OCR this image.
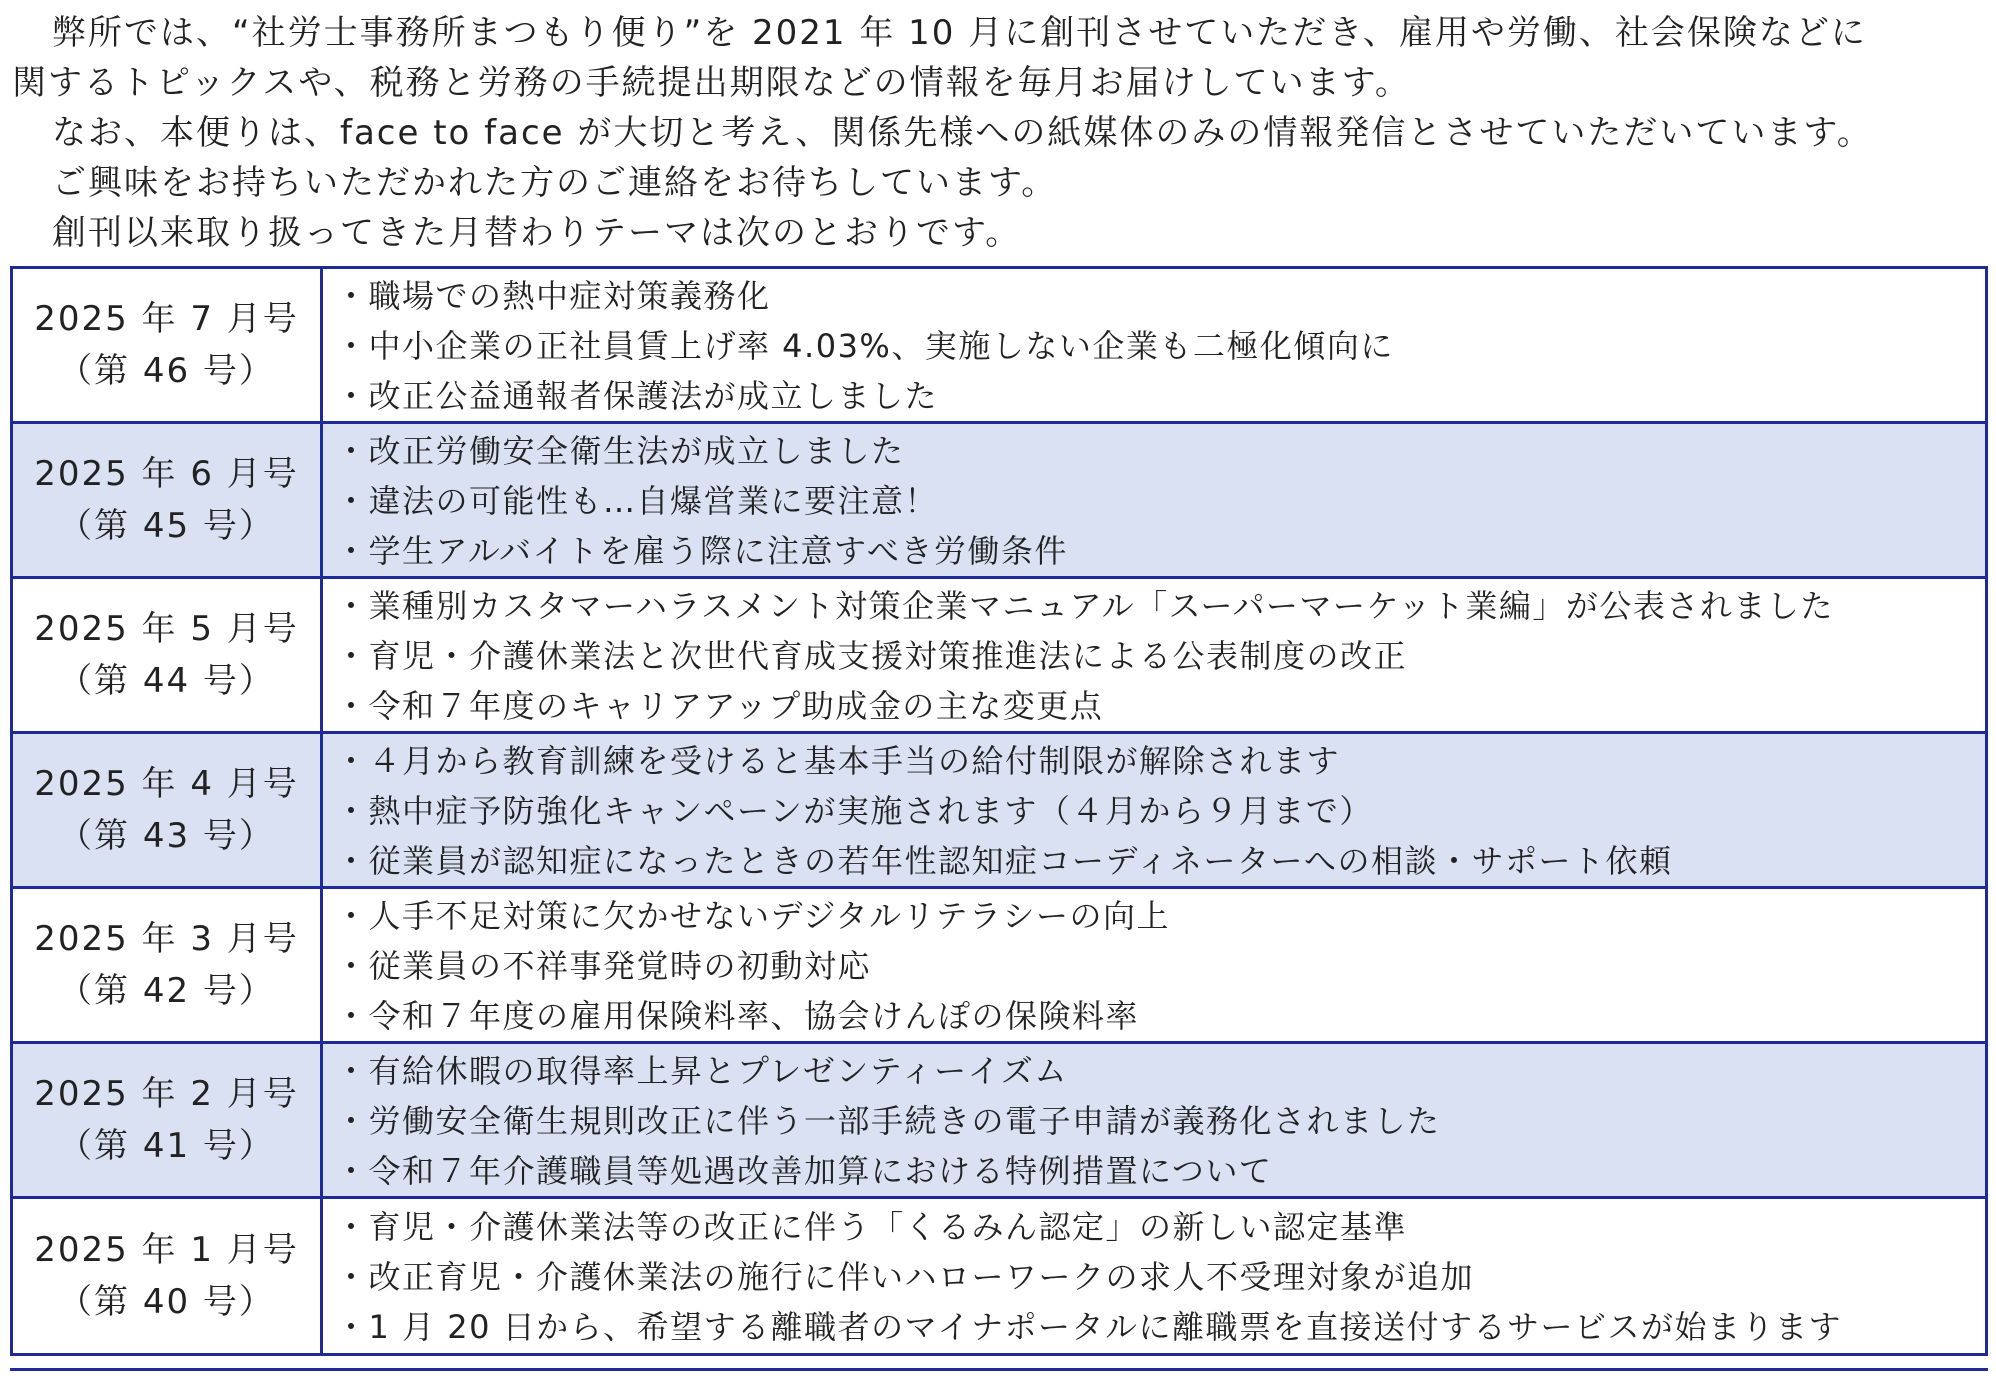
弊所では、“社労士事務所まつもり便り”を 2021 年 10 月に創刊させていただき、雇用や労働、社会保険などに

関するトピックスや、税務と労務の手続提出期限などの情報を毎月お届けしています。

なお、本便りは、face to face が大切と考え、関係先様への紙媒体のみの情報発信とさせていただいています。

ご興味をお持ちいただかれた方のご連絡をお待ちしています。

創刊以来取り扱ってきた月替わりテーマは次のとおりです。

2025 年 7 月号
（第 46 号）
・職場での熱中症対策義務化
・中小企業の正社員賃上げ率 4.03%、実施しない企業も二極化傾向に
・改正公益通報者保護法が成立しました
2025 年 6 月号
（第 45 号）
・改正労働安全衛生法が成立しました
・違法の可能性も…自爆営業に要注意！
・学生アルバイトを雇う際に注意すべき労働条件
2025 年 5 月号
（第 44 号）
・業種別カスタマーハラスメント対策企業マニュアル「スーパーマーケット業編」が公表されました
・育児・介護休業法と次世代育成支援対策推進法による公表制度の改正
・令和７年度のキャリアアップ助成金の主な変更点
2025 年 4 月号
（第 43 号）
・４月から教育訓練を受けると基本手当の給付制限が解除されます
・熱中症予防強化キャンペーンが実施されます（４月から９月まで）
・従業員が認知症になったときの若年性認知症コーディネーターへの相談・サポート依頼
2025 年 3 月号
（第 42 号）
・人手不足対策に欠かせないデジタルリテラシーの向上
・従業員の不祥事発覚時の初動対応
・令和７年度の雇用保険料率、協会けんぽの保険料率
2025 年 2 月号
（第 41 号）
・有給休暇の取得率上昇とプレゼンティーイズム
・労働安全衛生規則改正に伴う一部手続きの電子申請が義務化されました
・令和７年介護職員等処遇改善加算における特例措置について
2025 年 1 月号
（第 40 号）
・育児・介護休業法等の改正に伴う「くるみん認定」の新しい認定基準
・改正育児・介護休業法の施行に伴いハローワークの求人不受理対象が追加
・1 月 20 日から、希望する離職者のマイナポータルに離職票を直接送付するサービスが始まります
